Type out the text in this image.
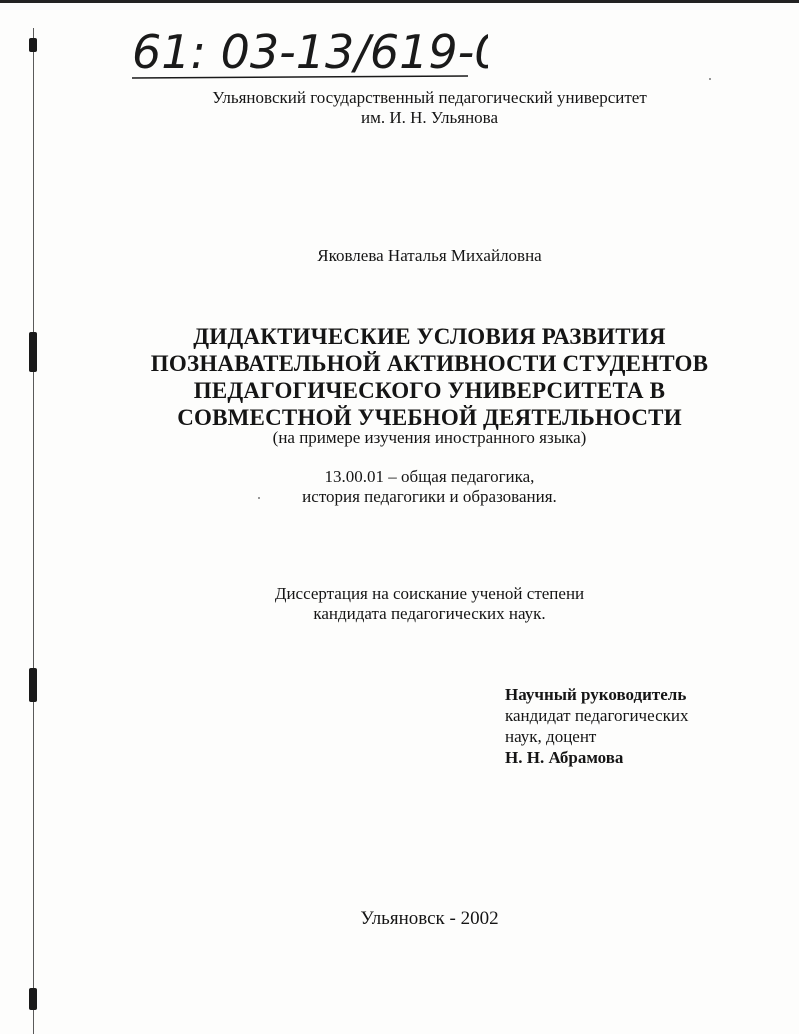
61: 03-13/619-0
Ульяновский государственный педагогический университет
им. И. Н. Ульянова
Яковлева Наталья Михайловна
ДИДАКТИЧЕСКИЕ УСЛОВИЯ РАЗВИТИЯ
ПОЗНАВАТЕЛЬНОЙ АКТИВНОСТИ СТУДЕНТОВ
ПЕДАГОГИЧЕСКОГО УНИВЕРСИТЕТА В
СОВМЕСТНОЙ УЧЕБНОЙ ДЕЯТЕЛЬНОСТИ
(на примере изучения иностранного языка)
13.00.01 – общая педагогика,
история педагогики и образования.
Диссертация на соискание ученой степени
кандидата педагогических наук.
Научный руководитель
кандидат педагогических
наук, доцент
Н. Н. Абрамова
Ульяновск - 2002
